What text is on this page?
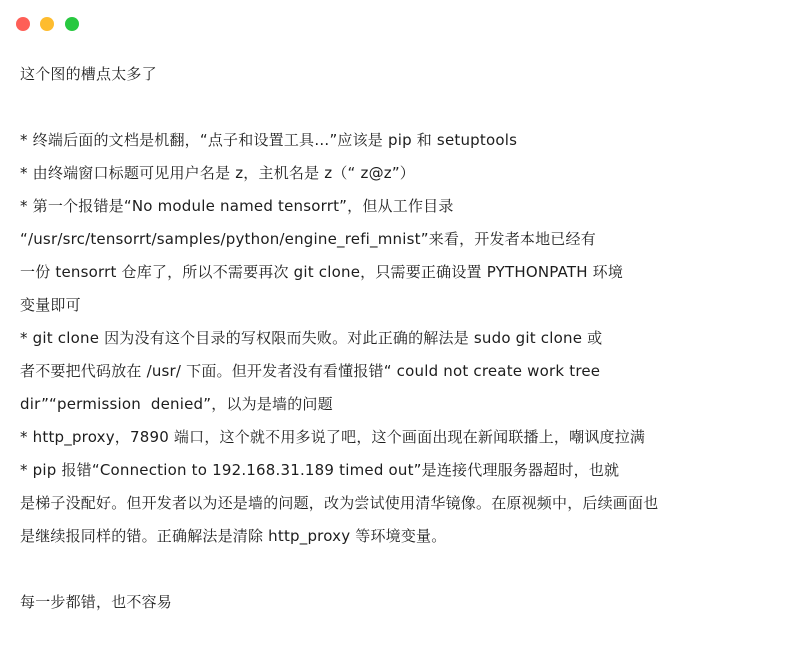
这个图的槽点太多了
* 终端后面的文档是机翻，“点子和设置工具…”应该是 pip 和 setuptools
* 由终端窗口标题可见用户名是 z，主机名是 z（“ z@z”）
* 第一个报错是“No module named tensorrt”，但从工作目录
“/usr/src/tensorrt/samples/python/engine_refi_mnist”来看，开发者本地已经有
一份 tensorrt 仓库了，所以不需要再次 git clone，只需要正确设置 PYTHONPATH 环境
变量即可
* git clone 因为没有这个目录的写权限而失败。对此正确的解法是 sudo git clone 或
者不要把代码放在 /usr/ 下面。但开发者没有看懂报错“ could not create work tree
dir”“permission  denied”，以为是墙的问题
* http_proxy，7890 端口，这个就不用多说了吧，这个画面出现在新闻联播上，嘲讽度拉满
* pip 报错“Connection to 192.168.31.189 timed out”是连接代理服务器超时，也就
是梯子没配好。但开发者以为还是墙的问题，改为尝试使用清华镜像。在原视频中，后续画面也
是继续报同样的错。正确解法是清除 http_proxy 等环境变量。
每一步都错，也不容易
